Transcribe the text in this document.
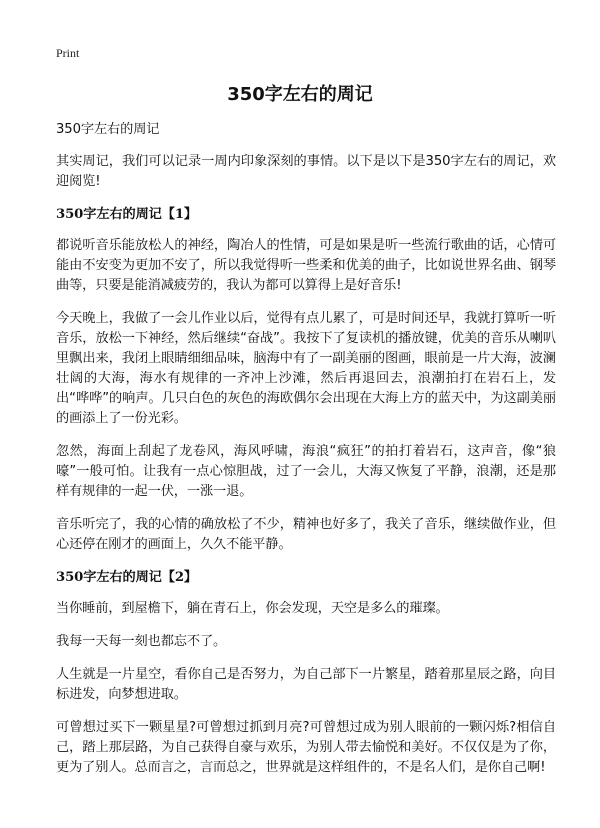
Print
350字左右的周记

350字左右的周记

其实周记，我们可以记录一周内印象深刻的事情。以下是以下是350字左右的周记，欢迎阅览!

350字左右的周记【1】

都说听音乐能放松人的神经，陶冶人的性情，可是如果是听一些流行歌曲的话，心情可能由不安变为更加不安了，所以我觉得听一些柔和优美的曲子，比如说世界名曲、钢琴曲等，只要是能消减疲劳的，我认为都可以算得上是好音乐!

今天晚上，我做了一会儿作业以后，觉得有点儿累了，可是时间还早，我就打算听一听音乐，放松一下神经，然后继续“奋战”。我按下了复读机的播放键，优美的音乐从喇叭里飘出来，我闭上眼睛细细品味，脑海中有了一副美丽的图画，眼前是一片大海，波澜壮阔的大海，海水有规律的一齐冲上沙滩，然后再退回去，浪潮拍打在岩石上，发出“哗哗”的响声。几只白色的灰色的海欧偶尔会出现在大海上方的蓝天中，为这副美丽的画添上了一份光彩。

忽然，海面上刮起了龙卷风，海风呼啸，海浪“疯狂”的拍打着岩石，这声音，像“狼嚎”一般可怕。让我有一点心惊胆战，过了一会儿，大海又恢复了平静，浪潮，还是那样有规律的一起一伏，一涨一退。

音乐听完了，我的心情的确放松了不少，精神也好多了，我关了音乐，继续做作业，但心还停在刚才的画面上，久久不能平静。

350字左右的周记【2】

当你睡前，到屋檐下，躺在青石上，你会发现，天空是多么的璀璨。

我每一天每一刻也都忘不了。

人生就是一片星空，看你自己是否努力，为自己部下一片繁星，踏着那星辰之路，向目标进发，向梦想进取。

可曾想过买下一颗星星?可曾想过抓到月亮?可曾想过成为别人眼前的一颗闪烁?相信自己，踏上那层路，为自己获得自豪与欢乐，为别人带去愉悦和美好。不仅仅是为了你，更为了别人。总而言之，言而总之，世界就是这样组件的，不是名人们，是你自己啊!
